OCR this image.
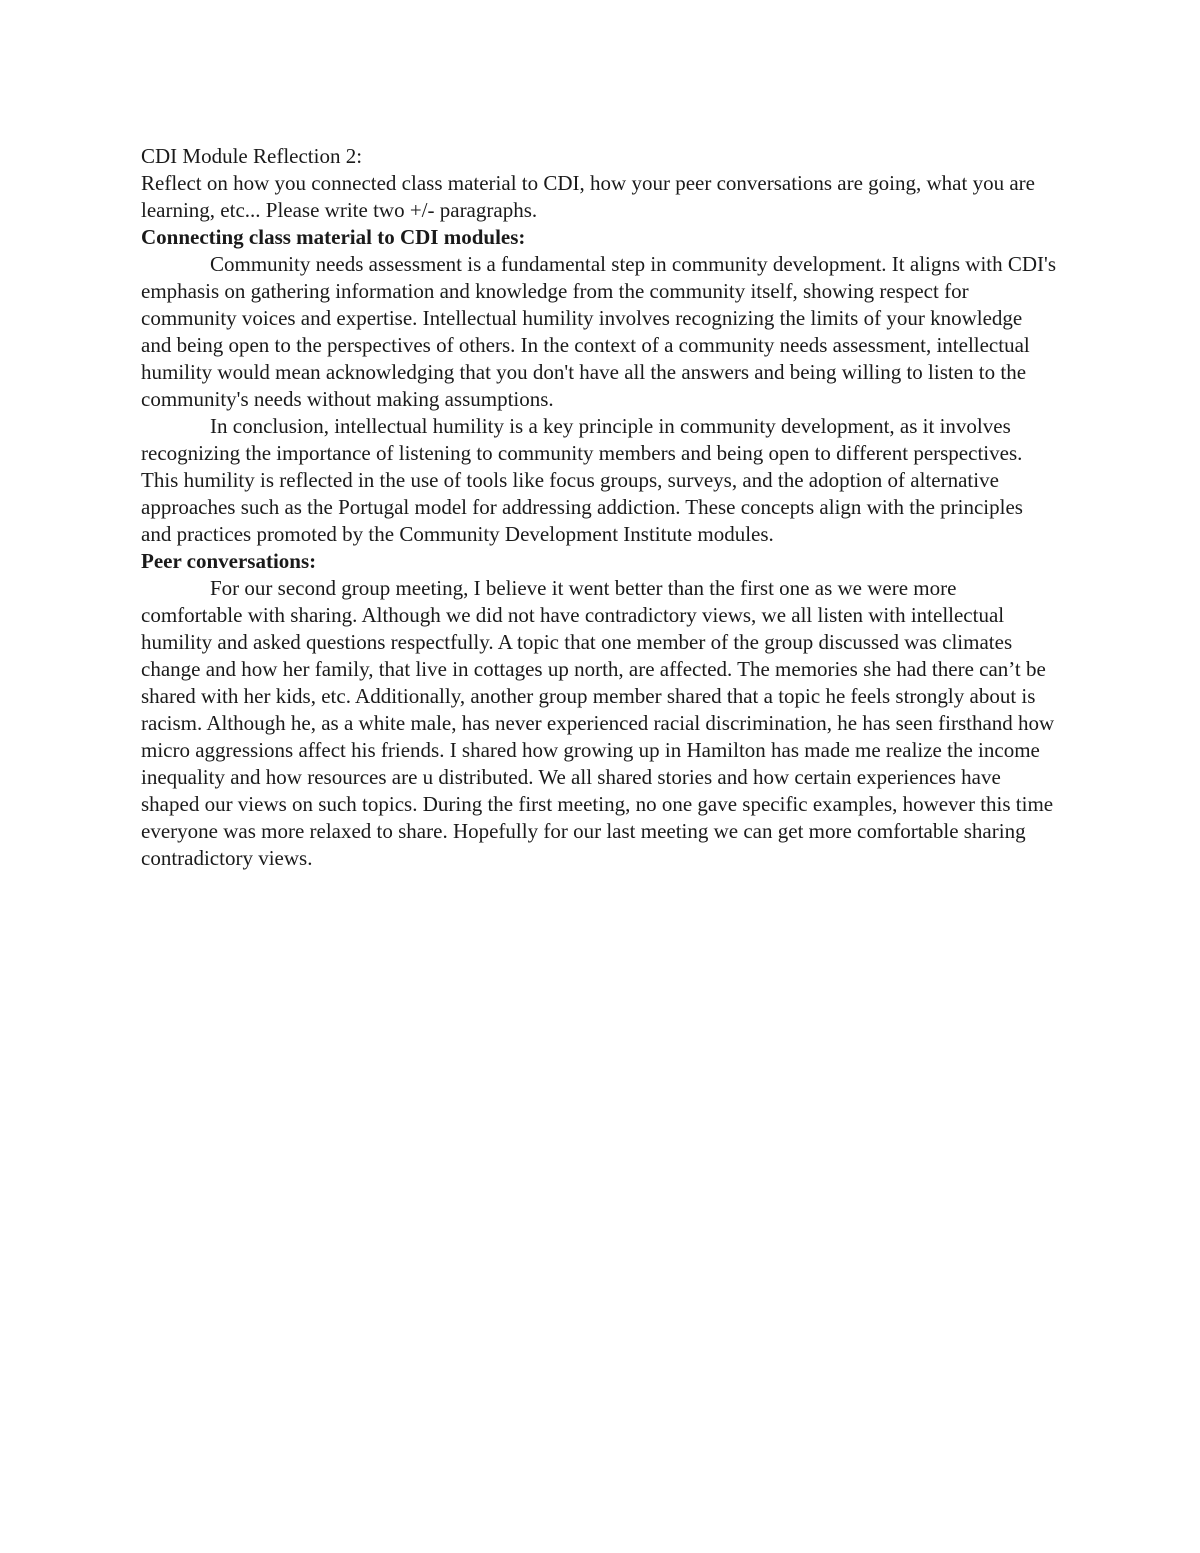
CDI Module Reflection 2:

Reflect on how you connected class material to CDI, how your peer conversations are going, what you are learning, etc... Please write two +/- paragraphs.

Connecting class material to CDI modules:

Community needs assessment is a fundamental step in community development. It aligns with CDI's emphasis on gathering information and knowledge from the community itself, showing respect for community voices and expertise. Intellectual humility involves recognizing the limits of your knowledge and being open to the perspectives of others. In the context of a community needs assessment, intellectual humility would mean acknowledging that you don't have all the answers and being willing to listen to the community's needs without making assumptions.

In conclusion, intellectual humility is a key principle in community development, as it involves recognizing the importance of listening to community members and being open to different perspectives. This humility is reflected in the use of tools like focus groups, surveys, and the adoption of alternative approaches such as the Portugal model for addressing addiction. These concepts align with the principles and practices promoted by the Community Development Institute modules.

Peer conversations:

For our second group meeting, I believe it went better than the first one as we were more comfortable with sharing. Although we did not have contradictory views, we all listen with intellectual humility and asked questions respectfully. A topic that one member of the group discussed was climates change and how her family, that live in cottages up north, are affected. The memories she had there can’t be shared with her kids, etc. Additionally, another group member shared that a topic he feels strongly about is racism. Although he, as a white male, has never experienced racial discrimination, he has seen firsthand how micro aggressions affect his friends. I shared how growing up in Hamilton has made me realize the income inequality and how resources are u distributed. We all shared stories and how certain experiences have shaped our views on such topics. During the first meeting, no one gave specific examples, however this time everyone was more relaxed to share. Hopefully for our last meeting we can get more comfortable sharing contradictory views.
